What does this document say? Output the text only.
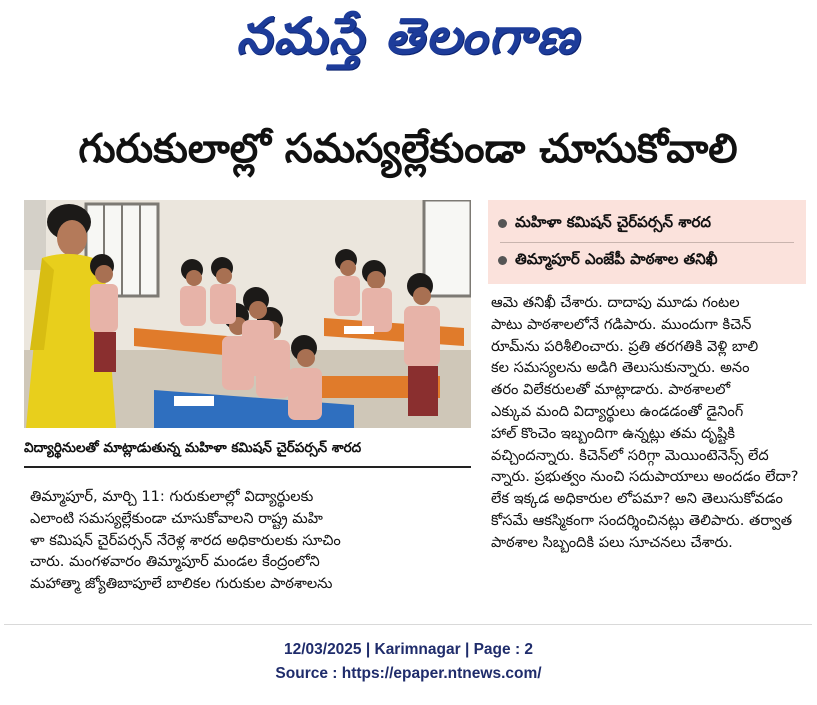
నమస్తే తెలంగాణ
గురుకులాల్లో సమస్యల్లేకుండా చూసుకోవాలి
విద్యార్థినులతో మాట్లాడుతున్న మహిళా కమిషన్ చైర్‌పర్సన్ శారద
మహిళా కమిషన్ చైర్‌పర్సన్ శారద
తిమ్మాపూర్ ఎంజేపీ పాఠశాల తనిఖీ

తిమ్మాపూర్, మార్చి 11: గురుకులాల్లో విద్యార్థులకు

ఎలాంటి సమస్యల్లేకుండా చూసుకోవాలని రాష్ట్ర మహి

ళా కమిషన్ చైర్‌పర్సన్ నేరెళ్ల శారద అధికారులకు సూచిం

చారు. మంగళవారం తిమ్మాపూర్ మండల కేంద్రంలోని

మహాత్మా జ్యోతిబాపూలే బాలికల గురుకుల పాఠశాలను

ఆమె తనిఖీ చేశారు. దాదాపు మూడు గంటల

పాటు పాఠశాలలోనే గడిపారు. ముందుగా కిచెన్

రూమ్‌ను పరిశీలించారు. ప్రతి తరగతికి వెళ్లి బాలి

కల సమస్యలను అడిగి తెలుసుకున్నారు. అనం

తరం విలేకరులతో మాట్లాడారు. పాఠశాలలో

ఎక్కువ మంది విద్యార్థులు ఉండడంతో డైనింగ్

హాల్ కొంచెం ఇబ్బందిగా ఉన్నట్లు తమ దృష్టికి

వచ్చిందన్నారు. కిచెన్‌లో సరిగ్గా మెయింటెనెన్స్ లేద

న్నారు. ప్రభుత్వం నుంచి సదుపాయాలు అందడం లేదా?

లేక ఇక్కడ అధికారుల లోపమా? అని తెలుసుకోవడం

కోసమే ఆకస్మికంగా సందర్శించినట్లు తెలిపారు. తర్వాత

పాఠశాల సిబ్బందికి పలు సూచనలు చేశారు.

12/03/2025 | Karimnagar | Page : 2
Source : https://epaper.ntnews.com/
